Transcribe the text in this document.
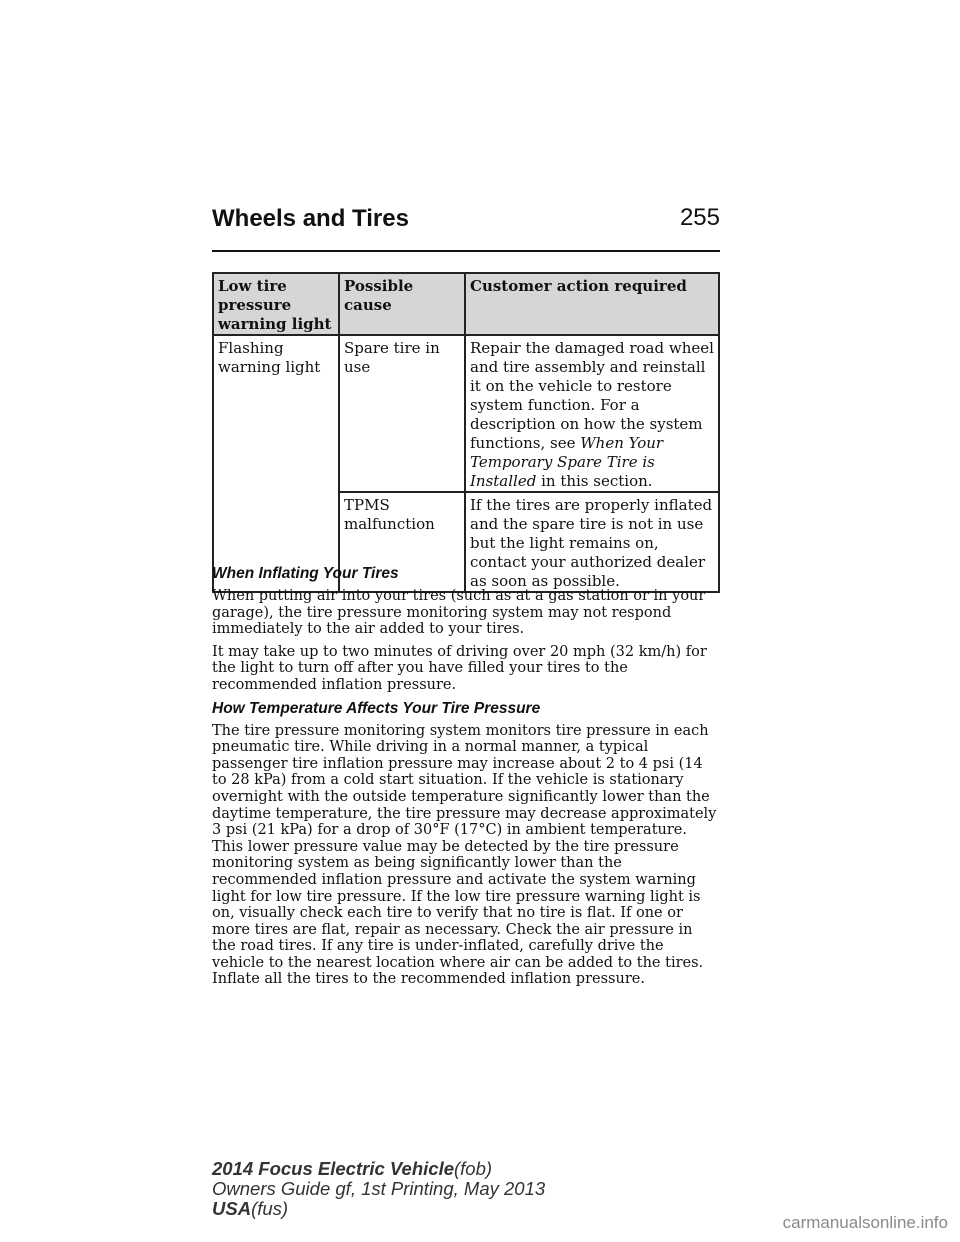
Wheels and Tires	255
Low tire pressure warning light	Possible cause	Customer action required
Flashing warning light	Spare tire in use	Repair the damaged road wheel and tire assembly and reinstall it on the vehicle to restore system function. For a description on how the system functions, see When Your Temporary Spare Tire is Installed in this section.
	TPMS malfunction	If the tires are properly inflated and the spare tire is not in use but the light remains on, contact your authorized dealer as soon as possible.
When Inflating Your Tires

When putting air into your tires (such as at a gas station or in your garage), the tire pressure monitoring system may not respond immediately to the air added to your tires.

It may take up to two minutes of driving over 20 mph (32 km/h) for the light to turn off after you have filled your tires to the recommended inflation pressure.

How Temperature Affects Your Tire Pressure

The tire pressure monitoring system monitors tire pressure in each pneumatic tire. While driving in a normal manner, a typical passenger tire inflation pressure may increase about 2 to 4 psi (14 to 28 kPa) from a cold start situation. If the vehicle is stationary overnight with the outside temperature significantly lower than the daytime temperature, the tire pressure may decrease approximately 3 psi (21 kPa) for a drop of 30°F (17°C) in ambient temperature. This lower pressure value may be detected by the tire pressure monitoring system as being significantly lower than the recommended inflation pressure and activate the system warning light for low tire pressure. If the low tire pressure warning light is on, visually check each tire to verify that no tire is flat. If one or more tires are flat, repair as necessary. Check the air pressure in the road tires. If any tire is under-inflated, carefully drive the vehicle to the nearest location where air can be added to the tires. Inflate all the tires to the recommended inflation pressure.

2014 Focus Electric Vehicle(fob)
Owners Guide gf, 1st Printing, May 2013
USA(fus)
carmanualsonline.info
